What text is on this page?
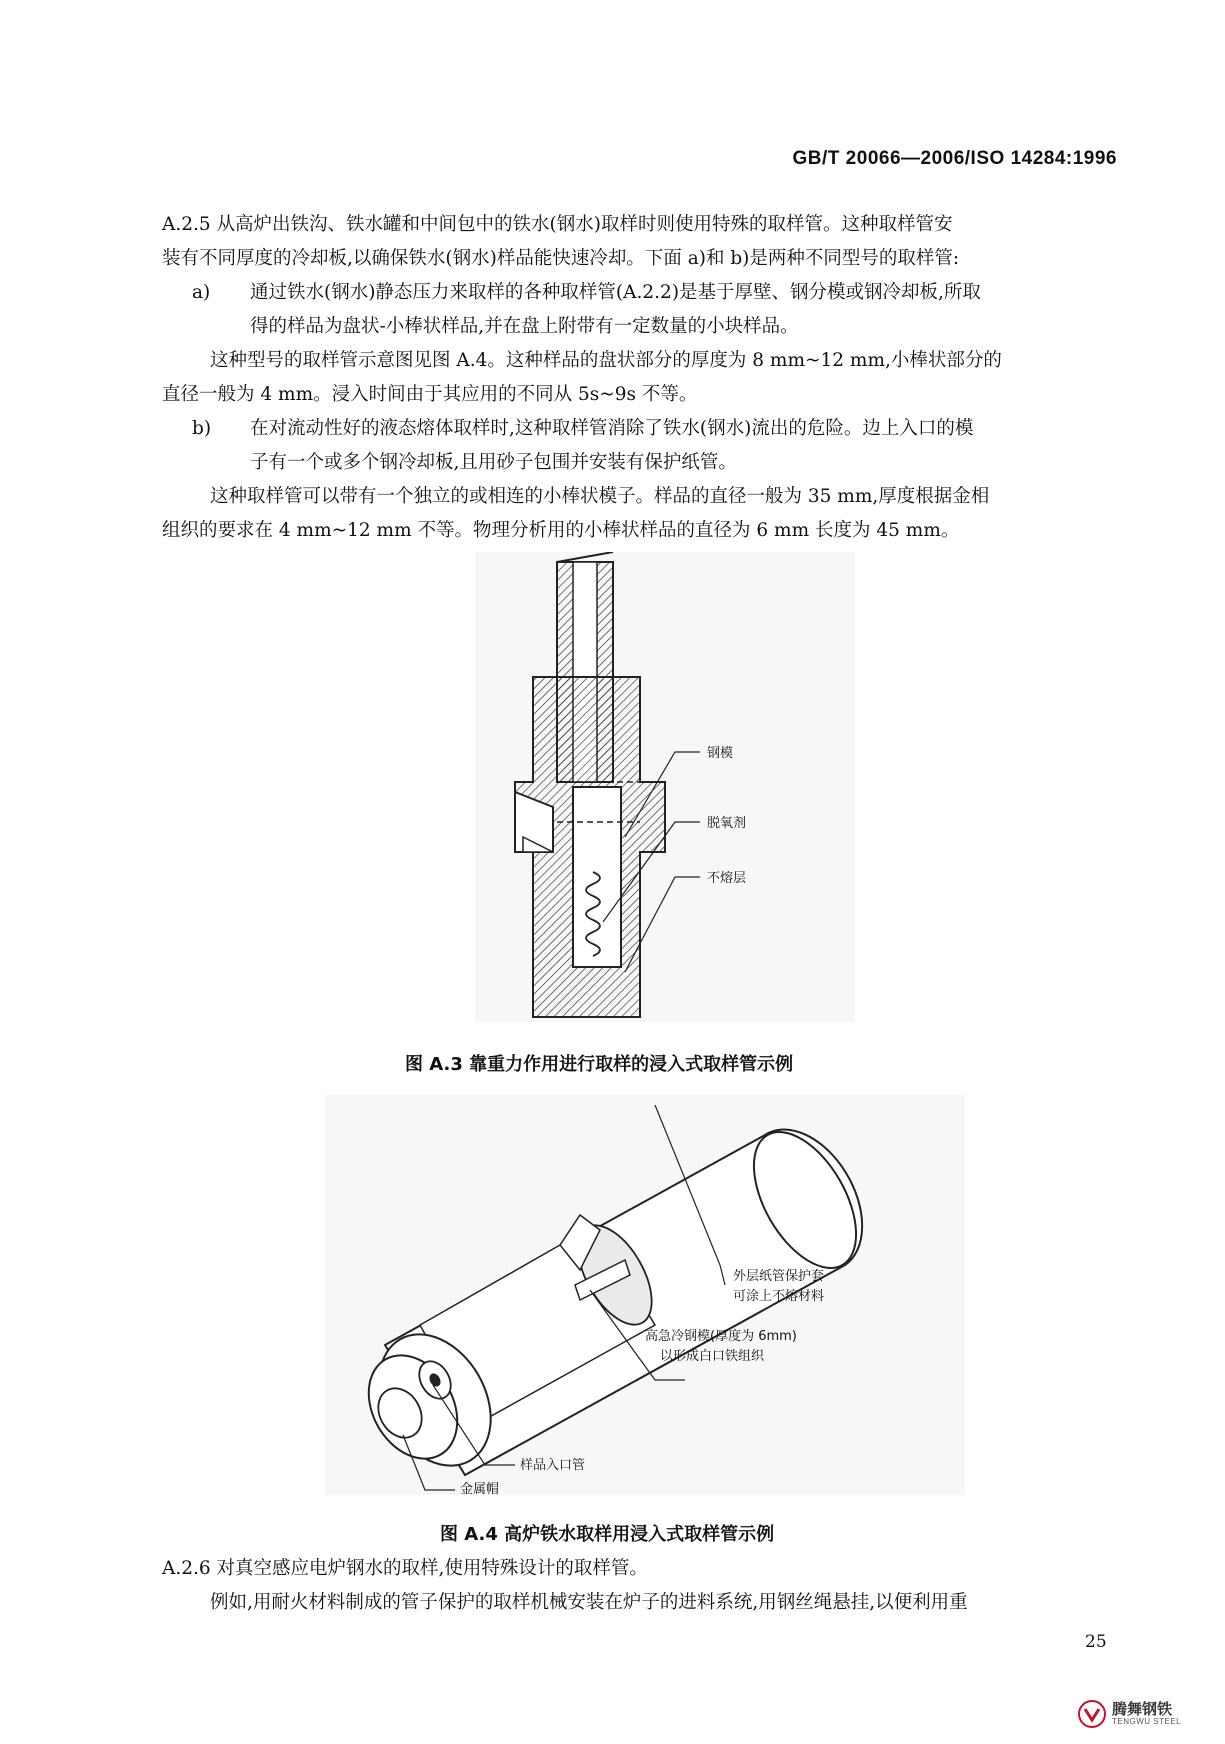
GB/T 20066—2006/ISO 14284:1996
A.2.5 从高炉出铁沟、铁水罐和中间包中的铁水(钢水)取样时则使用特殊的取样管。这种取样管安
装有不同厚度的冷却板,以确保铁水(钢水)样品能快速冷却。下面 a)和 b)是两种不同型号的取样管:
a) 通过铁水(钢水)静态压力来取样的各种取样管(A.2.2)是基于厚壁、钢分模或钢冷却板,所取
得的样品为盘状-小棒状样品,并在盘上附带有一定数量的小块样品。
这种型号的取样管示意图见图 A.4。这种样品的盘状部分的厚度为 8 mm~12 mm,小棒状部分的
直径一般为 4 mm。浸入时间由于其应用的不同从 5s~9s 不等。
b) 在对流动性好的液态熔体取样时,这种取样管消除了铁水(钢水)流出的危险。边上入口的模
子有一个或多个钢冷却板,且用砂子包围并安装有保护纸管。
这种取样管可以带有一个独立的或相连的小棒状模子。样品的直径一般为 35 mm,厚度根据金相
组织的要求在 4 mm~12 mm 不等。物理分析用的小棒状样品的直径为 6 mm 长度为 45 mm。
钢模
脱氧剂
不熔层
图 A.3 靠重力作用进行取样的浸入式取样管示例
外层纸管保护套
可涂上不熔材料
高急冷钢模(厚度为 6mm)
以形成白口铁组织
样品入口管
金属帽
图 A.4 高炉铁水取样用浸入式取样管示例
A.2.6 对真空感应电炉钢水的取样,使用特殊设计的取样管。
例如,用耐火材料制成的管子保护的取样机械安装在炉子的进料系统,用钢丝绳悬挂,以便利用重
25
腾舞钢铁
TENGWU STEEL
